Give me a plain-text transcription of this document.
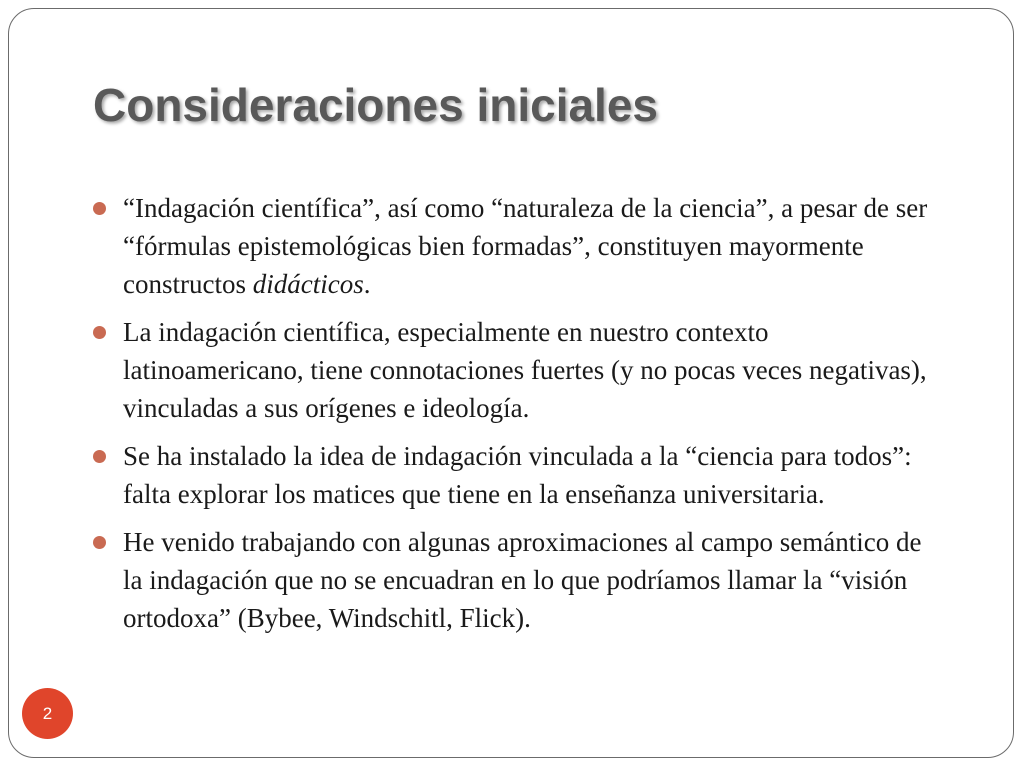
Consideraciones iniciales
“Indagación científica”, así como “naturaleza de la ciencia”, a pesar de ser “fórmulas epistemológicas bien formadas”, constituyen mayormente constructos didácticos.
La indagación científica, especialmente en nuestro contexto latinoamericano, tiene connotaciones fuertes (y no pocas veces negativas), vinculadas a sus orígenes e ideología.
Se ha instalado la idea de indagación vinculada a la “ciencia para todos”: falta explorar los matices que tiene en la enseñanza universitaria.
He venido trabajando con algunas aproximaciones al campo semántico de la indagación que no se encuadran en lo que podríamos llamar la “visión ortodoxa” (Bybee, Windschitl, Flick).
2
